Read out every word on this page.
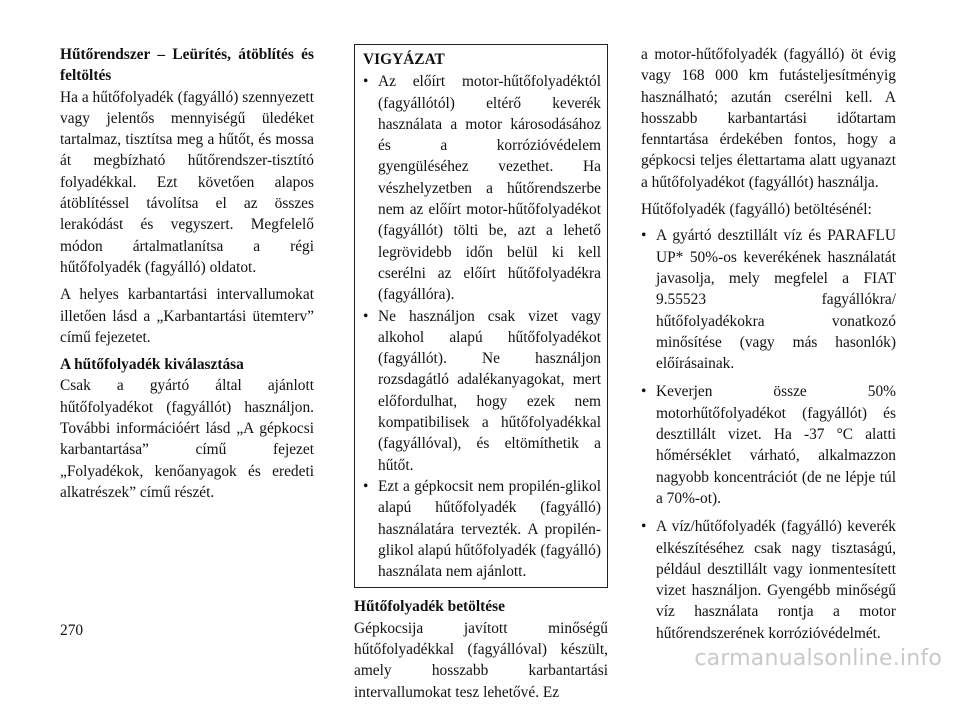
Hűtőrendszer – Leürítés, átöblítés és feltöltés
Ha a hűtőfolyadék (fagyálló) szennyezett vagy jelentős mennyiségű üledéket tartalmaz, tisztítsa meg a hűtőt, és mossa át megbízható hűtőrendszer-tisztító folyadékkal. Ezt követően alapos átöblítéssel távolítsa el az összes lerakódást és vegyszert. Megfelelő módon ártalmatlanítsa a régi hűtőfolyadék (fagyálló) oldatot.

A helyes karbantartási intervallumokat illetően lásd a „Karbantartási ütemterv” című fejezetet.

A hűtőfolyadék kiválasztása
Csak a gyártó által ajánlott hűtőfolyadékot (fagyállót) használjon. További információért lásd „A gépkocsi karbantartása” című fejezet „Folyadékok, kenőanyagok és eredeti alkatrészek” című részét.

VIGYÁZAT
• Az előírt motor-hűtőfolyadéktól (fagyállótól) eltérő keverék használata a motor károsodásához és a korrózióvédelem gyengüléséhez vezethet. Ha vészhelyzetben a hűtőrendszerbe nem az előírt motor-hűtőfolyadékot (fagyállót) tölti be, azt a lehető legrövidebb időn belül ki kell cserélni az előírt hűtőfolyadékra (fagyállóra).
• Ne használjon csak vizet vagy alkohol alapú hűtőfolyadékot (fagyállót). Ne használjon rozsdagátló adalékanyagokat, mert előfordulhat, hogy ezek nem kompatibilisek a hűtőfolyadékkal (fagyállóval), és eltömíthetik a hűtőt.
• Ezt a gépkocsit nem propilén-glikol alapú hűtőfolyadék (fagyálló) használatára tervezték. A propilén-glikol alapú hűtőfolyadék (fagyálló) használata nem ajánlott.

Hűtőfolyadék betöltése
Gépkocsija javított minőségű hűtőfolyadékkal (fagyállóval) készült, amely hosszabb karbantartási intervallumokat tesz lehetővé. Ez

a motor-hűtőfolyadék (fagyálló) öt évig vagy 168 000 km futásteljesítményig használható; azután cserélni kell. A hosszabb karbantartási időtartam fenntartása érdekében fontos, hogy a gépkocsi teljes élettartama alatt ugyanazt a hűtőfolyadékot (fagyállót) használja.

Hűtőfolyadék (fagyálló) betöltésénél:
• A gyártó desztillált víz és PARAFLU UP* 50%-os keverékének használatát javasolja, mely megfelel a FIAT 9.55523 fagyállókra/ hűtőfolyadékokra vonatkozó minősítése (vagy más hasonlók) előírásainak.
• Keverjen össze 50% motorhűtőfolyadékot (fagyállót) és desztillált vizet. Ha -37 °C alatti hőmérséklet várható, alkalmazzon nagyobb koncentrációt (de ne lépje túl a 70%-ot).
• A víz/hűtőfolyadék (fagyálló) keverék elkészítéséhez csak nagy tisztaságú, például desztillált vagy ionmentesített vizet használjon. Gyengébb minőségű víz használata rontja a motor hűtőrendszerének korrózióvédelmét.
270
carmanualsonline.info
